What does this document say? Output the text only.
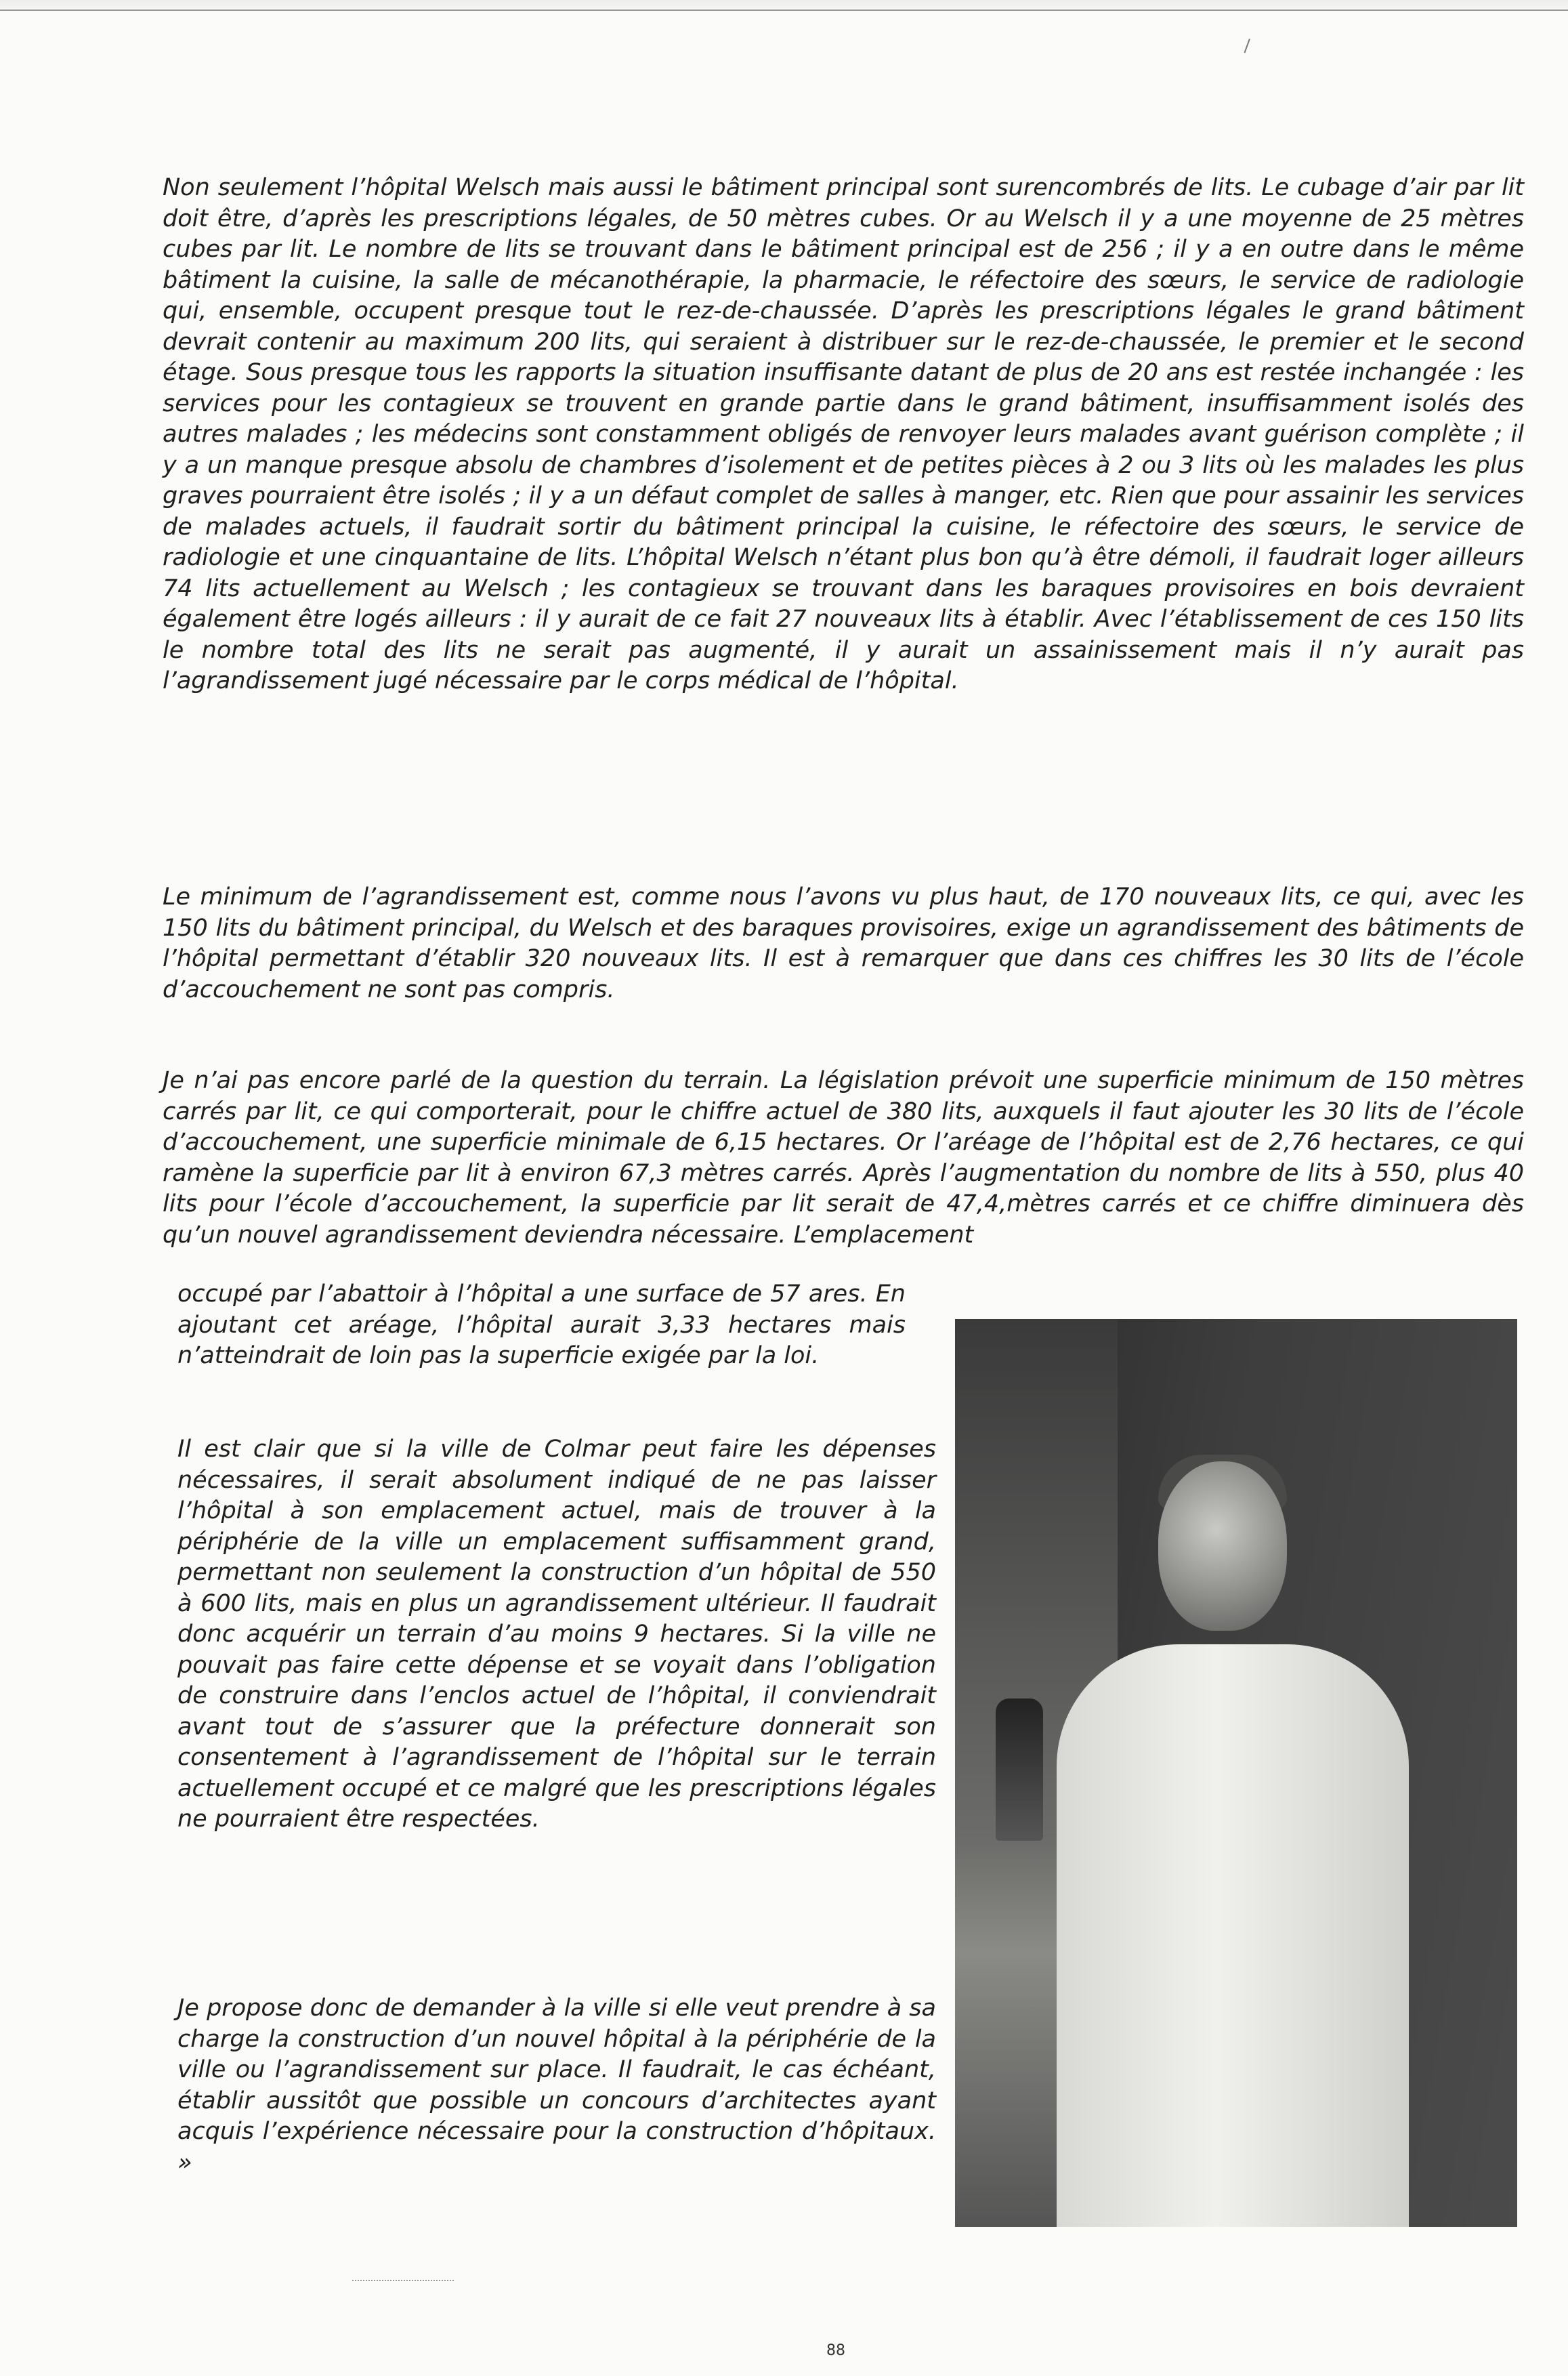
Non seulement l’hôpital Welsch mais aussi le bâtiment principal sont surencombrés de lits. Le cubage d’air par lit doit être, d’après les prescriptions légales, de 50 mètres cubes. Or au Welsch il y a une moyenne de 25 mètres cubes par lit. Le nombre de lits se trouvant dans le bâtiment principal est de 256 ; il y a en outre dans le même bâtiment la cuisine, la salle de mécanothérapie, la pharmacie, le réfectoire des sœurs, le service de radiologie qui, ensemble, occupent presque tout le rez-de-chaussée. D’après les prescriptions légales le grand bâtiment devrait contenir au maximum 200 lits, qui seraient à distribuer sur le rez-de-chaussée, le premier et le second étage. Sous presque tous les rapports la situation insuffisante datant de plus de 20 ans est restée inchangée : les services pour les contagieux se trouvent en grande partie dans le grand bâtiment, insuffisamment isolés des autres malades ; les médecins sont constamment obligés de renvoyer leurs malades avant guérison complète ; il y a un manque presque absolu de chambres d’isolement et de petites pièces à 2 ou 3 lits où les malades les plus graves pourraient être isolés ; il y a un défaut complet de salles à manger, etc. Rien que pour assainir les services de malades actuels, il faudrait sortir du bâtiment principal la cuisine, le réfectoire des sœurs, le service de radiologie et une cinquantaine de lits. L’hôpital Welsch n’étant plus bon qu’à être démoli, il faudrait loger ailleurs 74 lits actuellement au Welsch ; les contagieux se trouvant dans les baraques provisoires en bois devraient également être logés ailleurs : il y aurait de ce fait 27 nouveaux lits à établir. Avec l’établissement de ces 150 lits le nombre total des lits ne serait pas augmenté, il y aurait un assainissement mais il n’y aurait pas l’agrandissement jugé nécessaire par le corps médical de l’hôpital.

Le minimum de l’agrandissement est, comme nous l’avons vu plus haut, de 170 nouveaux lits, ce qui, avec les 150 lits du bâtiment principal, du Welsch et des baraques provisoires, exige un agrandissement des bâtiments de l’hôpital permettant d’établir 320 nouveaux lits. Il est à remarquer que dans ces chiffres les 30 lits de l’école d’accouchement ne sont pas compris.

Je n’ai pas encore parlé de la question du terrain. La législation prévoit une superficie minimum de 150 mètres carrés par lit, ce qui comporterait, pour le chiffre actuel de 380 lits, auxquels il faut ajouter les 30 lits de l’école d’accouchement, une superficie minimale de 6,15 hectares. Or l’aréage de l’hôpital est de 2,76 hectares, ce qui ramène la superficie par lit à environ 67,3 mètres carrés. Après l’augmentation du nombre de lits à 550, plus 40 lits pour l’école d’accouchement, la superficie par lit serait de 47,4,mètres carrés et ce chiffre diminuera dès qu’un nouvel agrandissement deviendra nécessaire. L’emplacement

occupé par l’abattoir à l’hôpital a une surface de 57 ares. En ajoutant cet aréage, l’hôpital aurait 3,33 hectares mais n’atteindrait de loin pas la superficie exigée par la loi.

Il est clair que si la ville de Colmar peut faire les dépenses nécessaires, il serait absolument indiqué de ne pas laisser l’hôpital à son emplacement actuel, mais de trouver à la périphérie de la ville un emplacement suffisamment grand, permettant non seulement la construction d’un hôpital de 550 à 600 lits, mais en plus un agrandissement ultérieur. Il faudrait donc acquérir un terrain d’au moins 9 hectares. Si la ville ne pouvait pas faire cette dépense et se voyait dans l’obligation de construire dans l’enclos actuel de l’hôpital, il conviendrait avant tout de s’assurer que la préfecture donnerait son consentement à l’agrandissement de l’hôpital sur le terrain actuellement occupé et ce malgré que les prescriptions légales ne pourraient être respectées.

Je propose donc de demander à la ville si elle veut prendre à sa charge la construction d’un nouvel hôpital à la périphérie de la ville ou l’agrandissement sur place. Il faudrait, le cas échéant, établir aussitôt que possible un concours d’architectes ayant acquis l’expérience nécessaire pour la construction d’hôpitaux. »

88
